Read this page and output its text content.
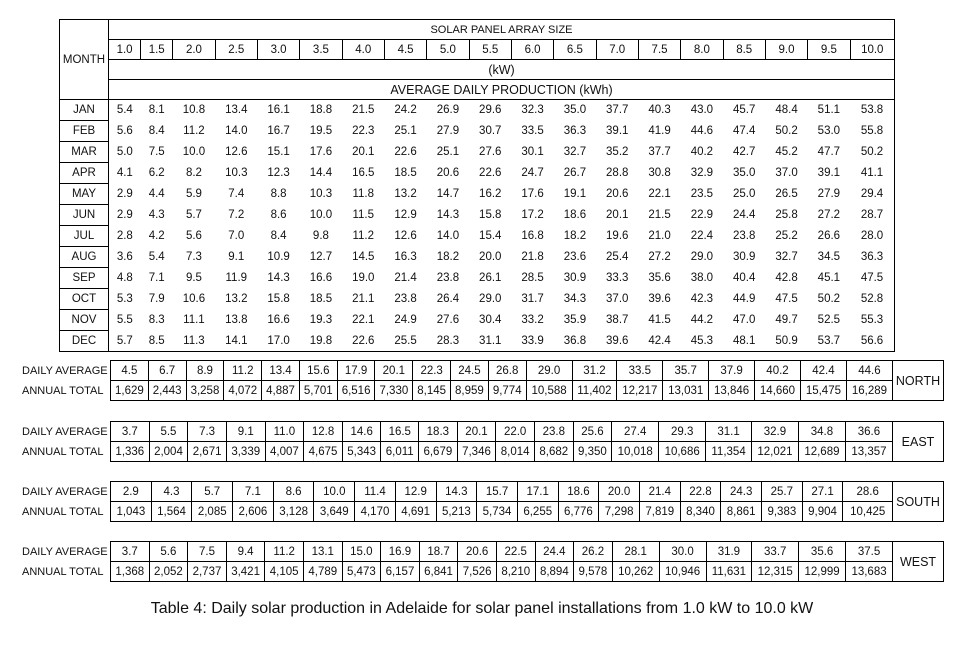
MONTH	SOLAR PANEL ARRAY SIZE																		
	1.0	1.5	2.0	2.5	3.0	3.5	4.0	4.5	5.0	5.5	6.0	6.5	7.0	7.5	8.0	8.5	9.0	9.5	10.0
	(kW)																		
	AVERAGE DAILY PRODUCTION (kWh)																		
JAN	5.4	8.1	10.8	13.4	16.1	18.8	21.5	24.2	26.9	29.6	32.3	35.0	37.7	40.3	43.0	45.7	48.4	51.1	53.8
FEB	5.6	8.4	11.2	14.0	16.7	19.5	22.3	25.1	27.9	30.7	33.5	36.3	39.1	41.9	44.6	47.4	50.2	53.0	55.8
MAR	5.0	7.5	10.0	12.6	15.1	17.6	20.1	22.6	25.1	27.6	30.1	32.7	35.2	37.7	40.2	42.7	45.2	47.7	50.2
APR	4.1	6.2	8.2	10.3	12.3	14.4	16.5	18.5	20.6	22.6	24.7	26.7	28.8	30.8	32.9	35.0	37.0	39.1	41.1
MAY	2.9	4.4	5.9	7.4	8.8	10.3	11.8	13.2	14.7	16.2	17.6	19.1	20.6	22.1	23.5	25.0	26.5	27.9	29.4
JUN	2.9	4.3	5.7	7.2	8.6	10.0	11.5	12.9	14.3	15.8	17.2	18.6	20.1	21.5	22.9	24.4	25.8	27.2	28.7
JUL	2.8	4.2	5.6	7.0	8.4	9.8	11.2	12.6	14.0	15.4	16.8	18.2	19.6	21.0	22.4	23.8	25.2	26.6	28.0
AUG	3.6	5.4	7.3	9.1	10.9	12.7	14.5	16.3	18.2	20.0	21.8	23.6	25.4	27.2	29.0	30.9	32.7	34.5	36.3
SEP	4.8	7.1	9.5	11.9	14.3	16.6	19.0	21.4	23.8	26.1	28.5	30.9	33.3	35.6	38.0	40.4	42.8	45.1	47.5
OCT	5.3	7.9	10.6	13.2	15.8	18.5	21.1	23.8	26.4	29.0	31.7	34.3	37.0	39.6	42.3	44.9	47.5	50.2	52.8
NOV	5.5	8.3	11.1	13.8	16.6	19.3	22.1	24.9	27.6	30.4	33.2	35.9	38.7	41.5	44.2	47.0	49.7	52.5	55.3
DEC	5.7	8.5	11.3	14.1	17.0	19.8	22.6	25.5	28.3	31.1	33.9	36.8	39.6	42.4	45.3	48.1	50.9	53.7	56.6
DAILY AVERAGE	4.5	6.7	8.9	11.2	13.4	15.6	17.9	20.1	22.3	24.5	26.8	29.0	31.2	33.5	35.7	37.9	40.2	42.4	44.6	NORTH
ANNUAL TOTAL	1,629	2,443	3,258	4,072	4,887	5,701	6,516	7,330	8,145	8,959	9,774	10,588	11,402	12,217	13,031	13,846	14,660	15,475	16,289	
DAILY AVERAGE	3.7	5.5	7.3	9.1	11.0	12.8	14.6	16.5	18.3	20.1	22.0	23.8	25.6	27.4	29.3	31.1	32.9	34.8	36.6	EAST
ANNUAL TOTAL	1,336	2,004	2,671	3,339	4,007	4,675	5,343	6,011	6,679	7,346	8,014	8,682	9,350	10,018	10,686	11,354	12,021	12,689	13,357	
DAILY AVERAGE	2.9	4.3	5.7	7.1	8.6	10.0	11.4	12.9	14.3	15.7	17.1	18.6	20.0	21.4	22.8	24.3	25.7	27.1	28.6	SOUTH
ANNUAL TOTAL	1,043	1,564	2,085	2,606	3,128	3,649	4,170	4,691	5,213	5,734	6,255	6,776	7,298	7,819	8,340	8,861	9,383	9,904	10,425	
DAILY AVERAGE	3.7	5.6	7.5	9.4	11.2	13.1	15.0	16.9	18.7	20.6	22.5	24.4	26.2	28.1	30.0	31.9	33.7	35.6	37.5	WEST
ANNUAL TOTAL	1,368	2,052	2,737	3,421	4,105	4,789	5,473	6,157	6,841	7,526	8,210	8,894	9,578	10,262	10,946	11,631	12,315	12,999	13,683	
Table 4: Daily solar production in Adelaide for solar panel installations from 1.0 kW to 10.0 kW
